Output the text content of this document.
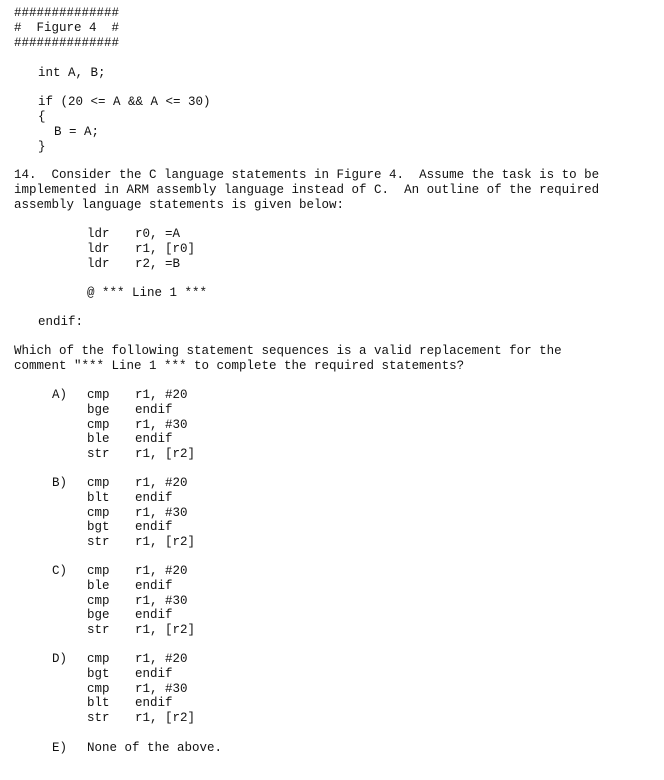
##############
#  Figure 4  #
##############
int A, B;
if (20 <= A && A <= 30)
{
B = A;
}
14.  Consider the C language statements in Figure 4.  Assume the task is to be
implemented in ARM assembly language instead of C.  An outline of the required
assembly language statements is given below:
ldr r0, =A
ldr r1, [r0]
ldr r2, =B
@ *** Line 1 ***
endif:
Which of the following statement sequences is a valid replacement for the
comment "*** Line 1 *** to complete the required statements?
A) cmp r1, #20
bge endif
cmp r1, #30
ble endif
str r1, [r2]
B) cmp r1, #20
blt endif
cmp r1, #30
bgt endif
str r1, [r2]
C) cmp r1, #20
ble endif
cmp r1, #30
bge endif
str r1, [r2]
D) cmp r1, #20
bgt endif
cmp r1, #30
blt endif
str r1, [r2]
E) None of the above.
